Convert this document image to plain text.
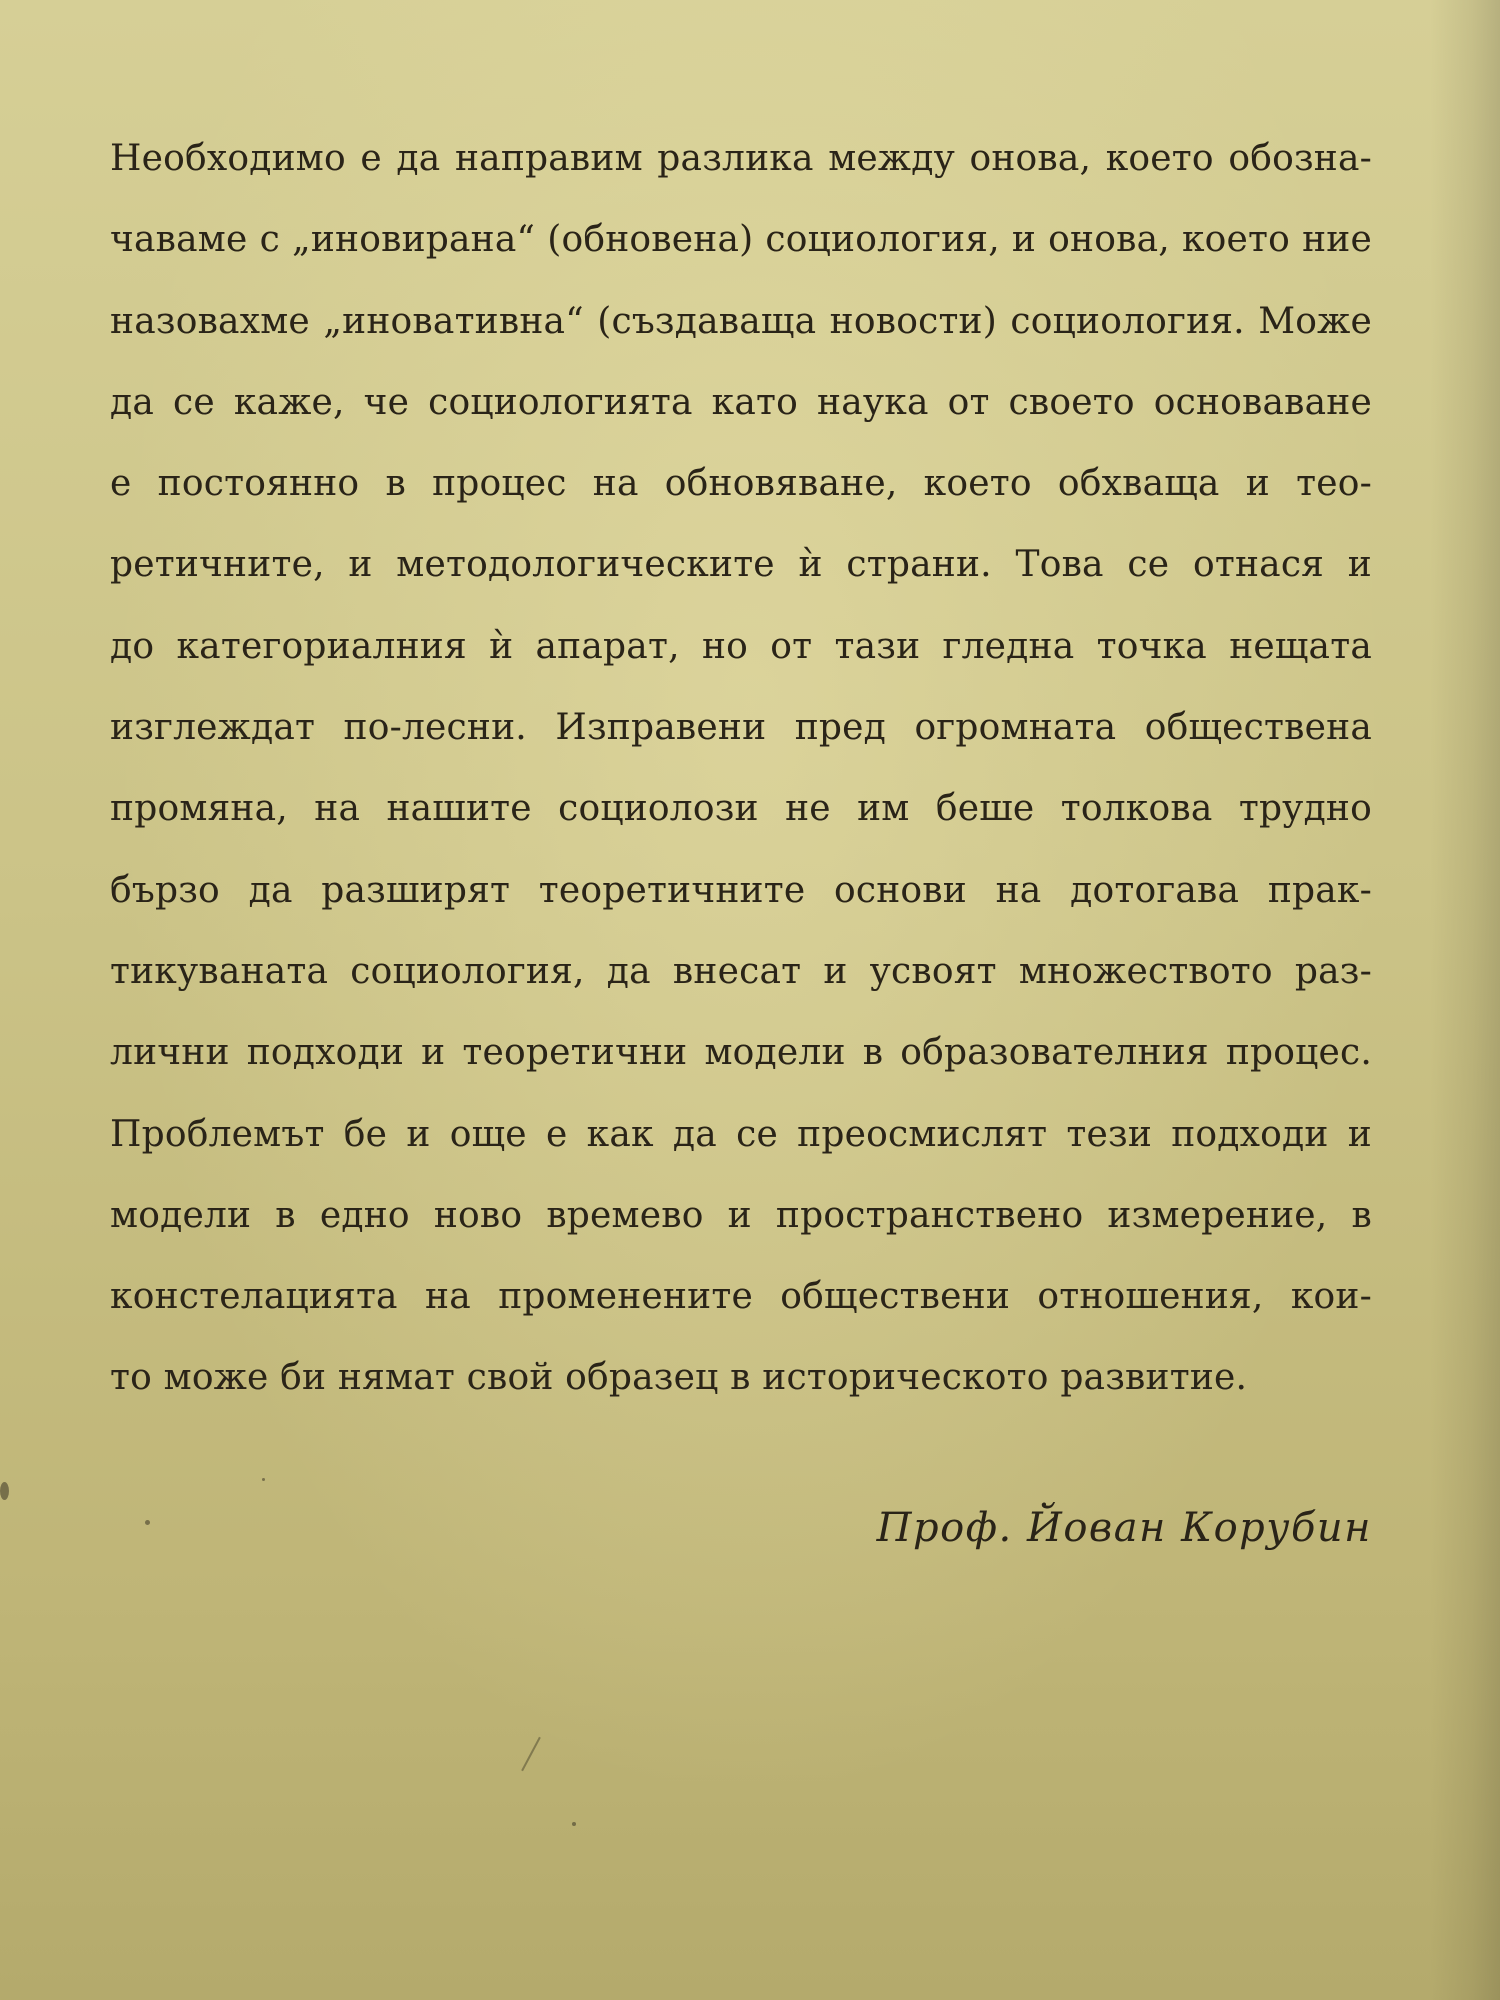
Необходимо е да направим разлика между онова, което обозна-
чаваме с „иновирана“ (обновена) социология, и онова, което ние
назовахме „иновативна“ (създаваща новости) социология. Може
да се каже, че социологията като наука от своето основаване
е постоянно в процес на обновяване, което обхваща и тео-
ретичните, и методологическите ѝ страни. Това се отнася и
до категориалния ѝ апарат, но от тази гледна точка нещата
изглеждат по-лесни. Изправени пред огромната обществена
промяна, на нашите социолози не им беше толкова трудно
бързо да разширят теоретичните основи на дотогава прак-
тикуваната социология, да внесат и усвоят множеството раз-
лични подходи и теоретични модели в образователния процес.
Проблемът бе и още е как да се преосмислят тези подходи и
модели в едно ново времево и пространствено измерение, в
констелацията на променените обществени отношения, кои-
то може би нямат свой образец в историческото развитие.
Проф. Йован Корубин
